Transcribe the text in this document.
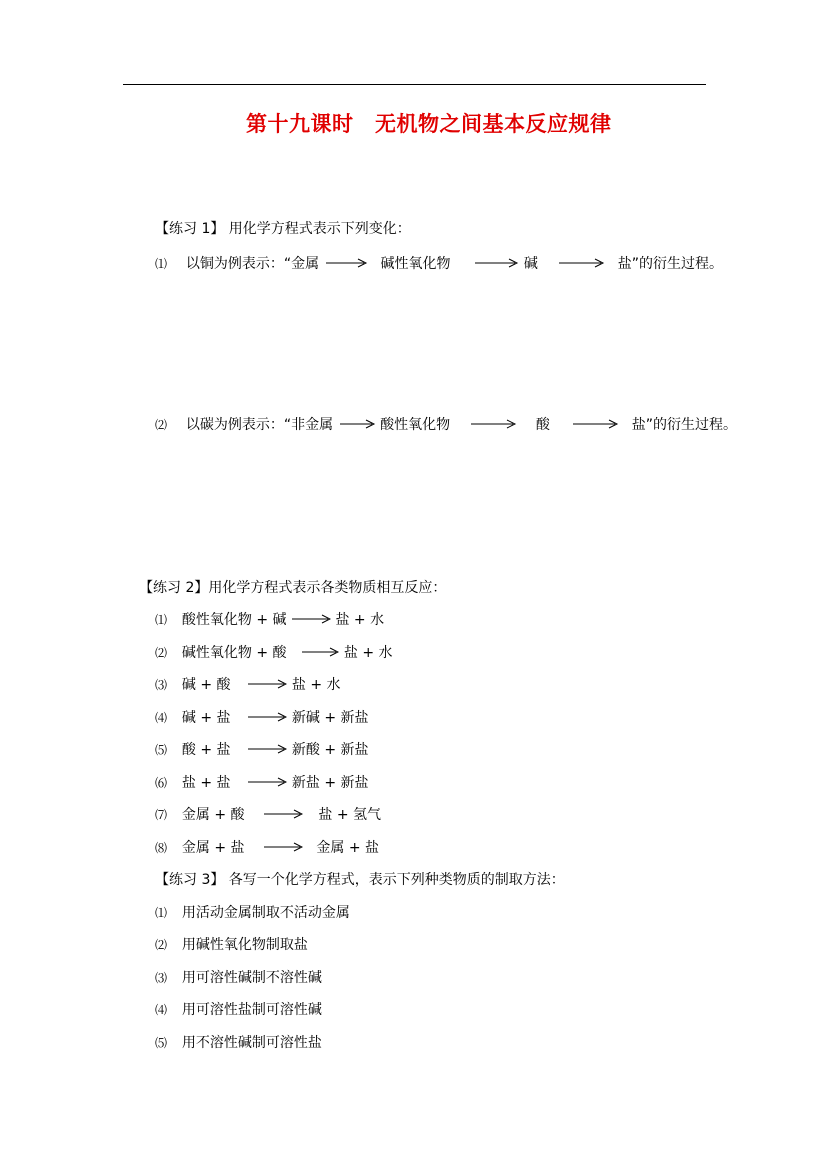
第十九课时　无机物之间基本反应规律
【练习 1】 用化学方程式表示下列变化：
⑴ 以铜为例表示：“金属	碱性氧化物	碱	盐”的衍生过程。
⑵ 以碳为例表示：“非金属	酸性氧化物	酸	盐”的衍生过程。
【练习 2】用化学方程式表示各类物质相互反应：
⑴ 酸性氧化物 + 碱	盐 + 水
⑵ 碱性氧化物 + 酸	盐 + 水
⑶ 碱 + 酸	盐 + 水
⑷ 碱 + 盐	新碱 + 新盐
⑸ 酸 + 盐	新酸 + 新盐
⑹ 盐 + 盐	新盐 + 新盐
⑺ 金属 + 酸	盐 + 氢气
⑻ 金属 + 盐	金属 + 盐
【练习 3】 各写一个化学方程式，表示下列种类物质的制取方法：
⑴ 用活动金属制取不活动金属
⑵ 用碱性氧化物制取盐
⑶ 用可溶性碱制不溶性碱
⑷ 用可溶性盐制可溶性碱
⑸ 用不溶性碱制可溶性盐
